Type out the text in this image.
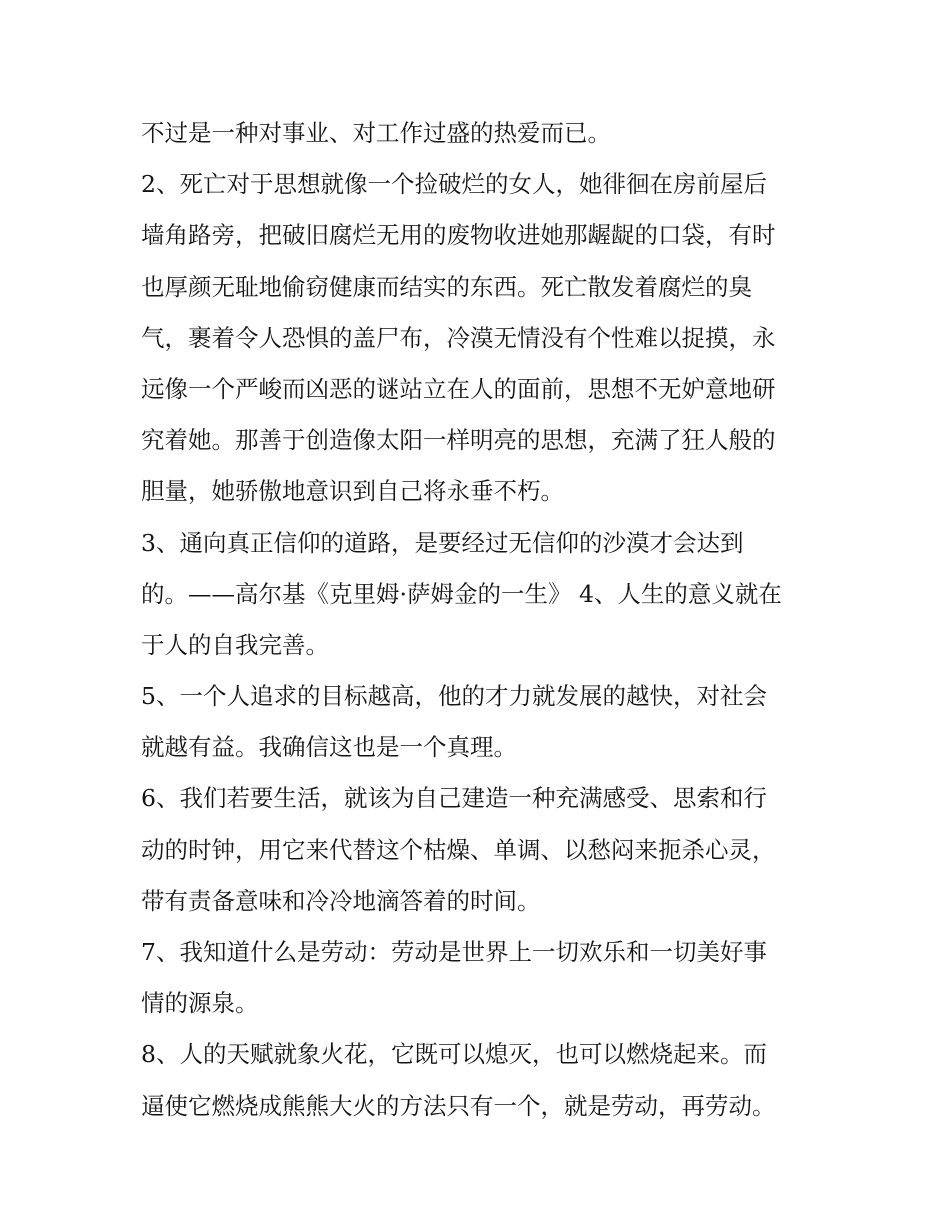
不过是一种对事业、对工作过盛的热爱而已。
2、死亡对于思想就像一个捡破烂的女人，她徘徊在房前屋后
墙角路旁，把破旧腐烂无用的废物收进她那龌龊的口袋，有时
也厚颜无耻地偷窃健康而结实的东西。死亡散发着腐烂的臭
气，裹着令人恐惧的盖尸布，冷漠无情没有个性难以捉摸，永
远像一个严峻而凶恶的谜站立在人的面前，思想不无妒意地研
究着她。那善于创造像太阳一样明亮的思想，充满了狂人般的
胆量，她骄傲地意识到自己将永垂不朽。
3、通向真正信仰的道路，是要经过无信仰的沙漠才会达到
的。——高尔基《克里姆·萨姆金的一生》 4、人生的意义就在
于人的自我完善。
5、一个人追求的目标越高，他的才力就发展的越快，对社会
就越有益。我确信这也是一个真理。
6、我们若要生活，就该为自己建造一种充满感受、思索和行
动的时钟，用它来代替这个枯燥、单调、以愁闷来扼杀心灵，
带有责备意味和冷冷地滴答着的时间。
7、我知道什么是劳动：劳动是世界上一切欢乐和一切美好事
情的源泉。
8、人的天赋就象火花，它既可以熄灭，也可以燃烧起来。而
逼使它燃烧成熊熊大火的方法只有一个，就是劳动，再劳动。
